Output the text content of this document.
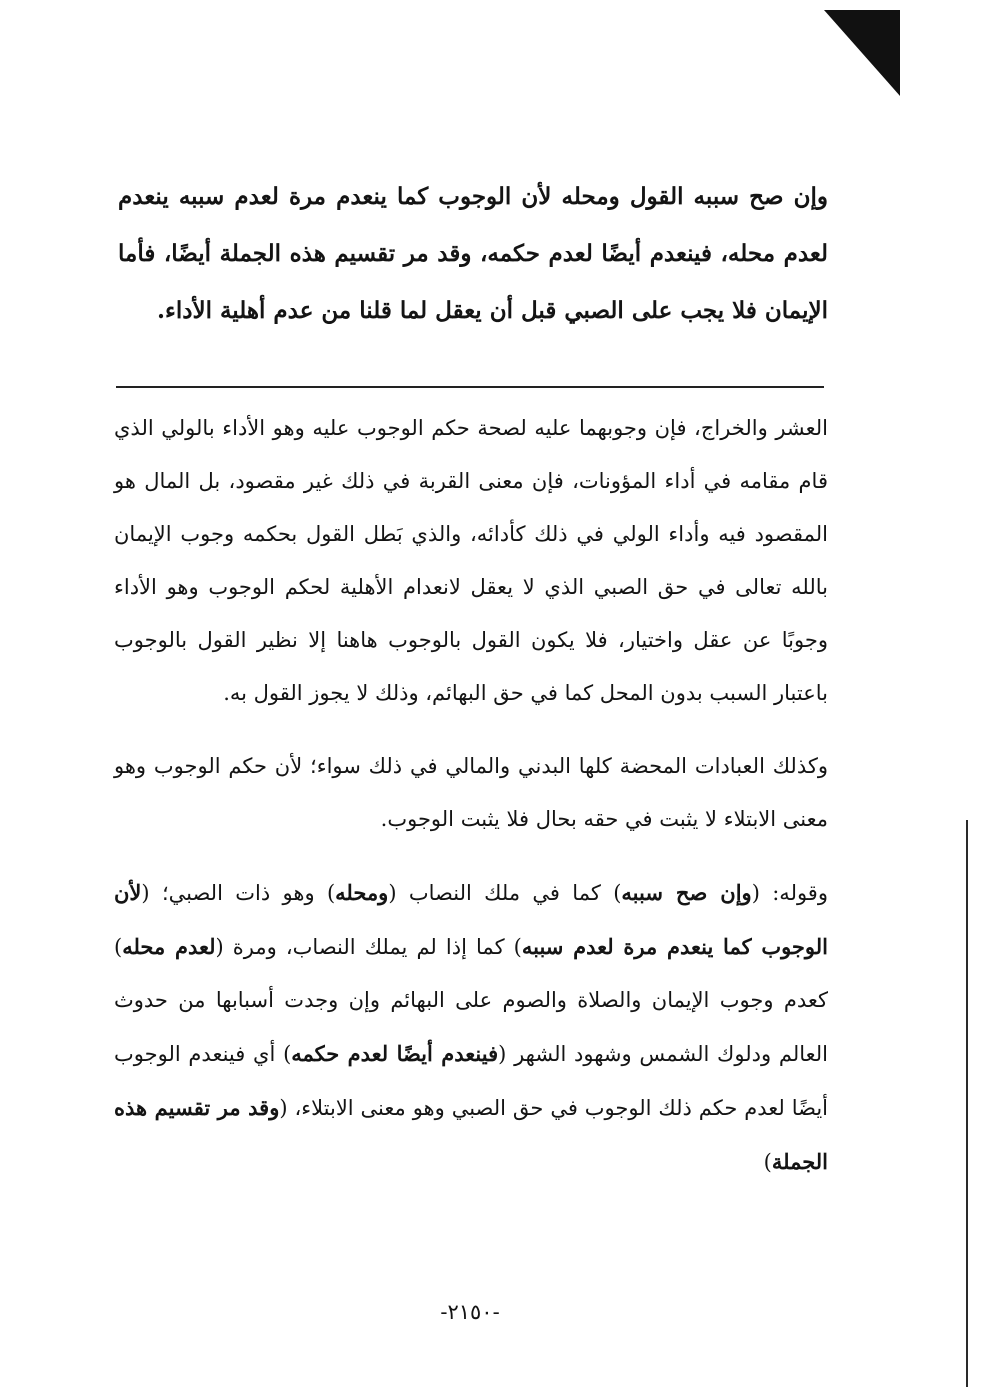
وإن صح سببه القول ومحله لأن الوجوب كما ينعدم مرة لعدم سببه ينعدم لعدم محله، فينعدم أيضًا لعدم حكمه، وقد مر تقسيم هذه الجملة أيضًا، فأما الإيمان فلا يجب على الصبي قبل أن يعقل لما قلنا من عدم أهلية الأداء.

العشر والخراج، فإن وجوبهما عليه لصحة حكم الوجوب عليه وهو الأداء بالولي الذي قام مقامه في أداء المؤونات، فإن معنى القربة في ذلك غير مقصود، بل المال هو المقصود فيه وأداء الولي في ذلك كأدائه، والذي بَطل القول بحكمه وجوب الإيمان بالله تعالى في حق الصبي الذي لا يعقل لانعدام الأهلية لحكم الوجوب وهو الأداء وجوبًا عن عقل واختيار، فلا يكون القول بالوجوب هاهنا إلا نظير القول بالوجوب باعتبار السبب بدون المحل كما في حق البهائم، وذلك لا يجوز القول به.

وكذلك العبادات المحضة كلها البدني والمالي في ذلك سواء؛ لأن حكم الوجوب وهو معنى الابتلاء لا يثبت في حقه بحال فلا يثبت الوجوب.

وقوله: (وإن صح سببه) كما في ملك النصاب (ومحله) وهو ذات الصبي؛ (لأن الوجوب كما ينعدم مرة لعدم سببه) كما إذا لم يملك النصاب، ومرة (لعدم محله) كعدم وجوب الإيمان والصلاة والصوم على البهائم وإن وجدت أسبابها من حدوث العالم ودلوك الشمس وشهود الشهر (فينعدم أيضًا لعدم حكمه) أي فينعدم الوجوب أيضًا لعدم حكم ذلك الوجوب في حق الصبي وهو معنى الابتلاء، (وقد مر تقسيم هذه الجملة)

-٢١٥٠-
